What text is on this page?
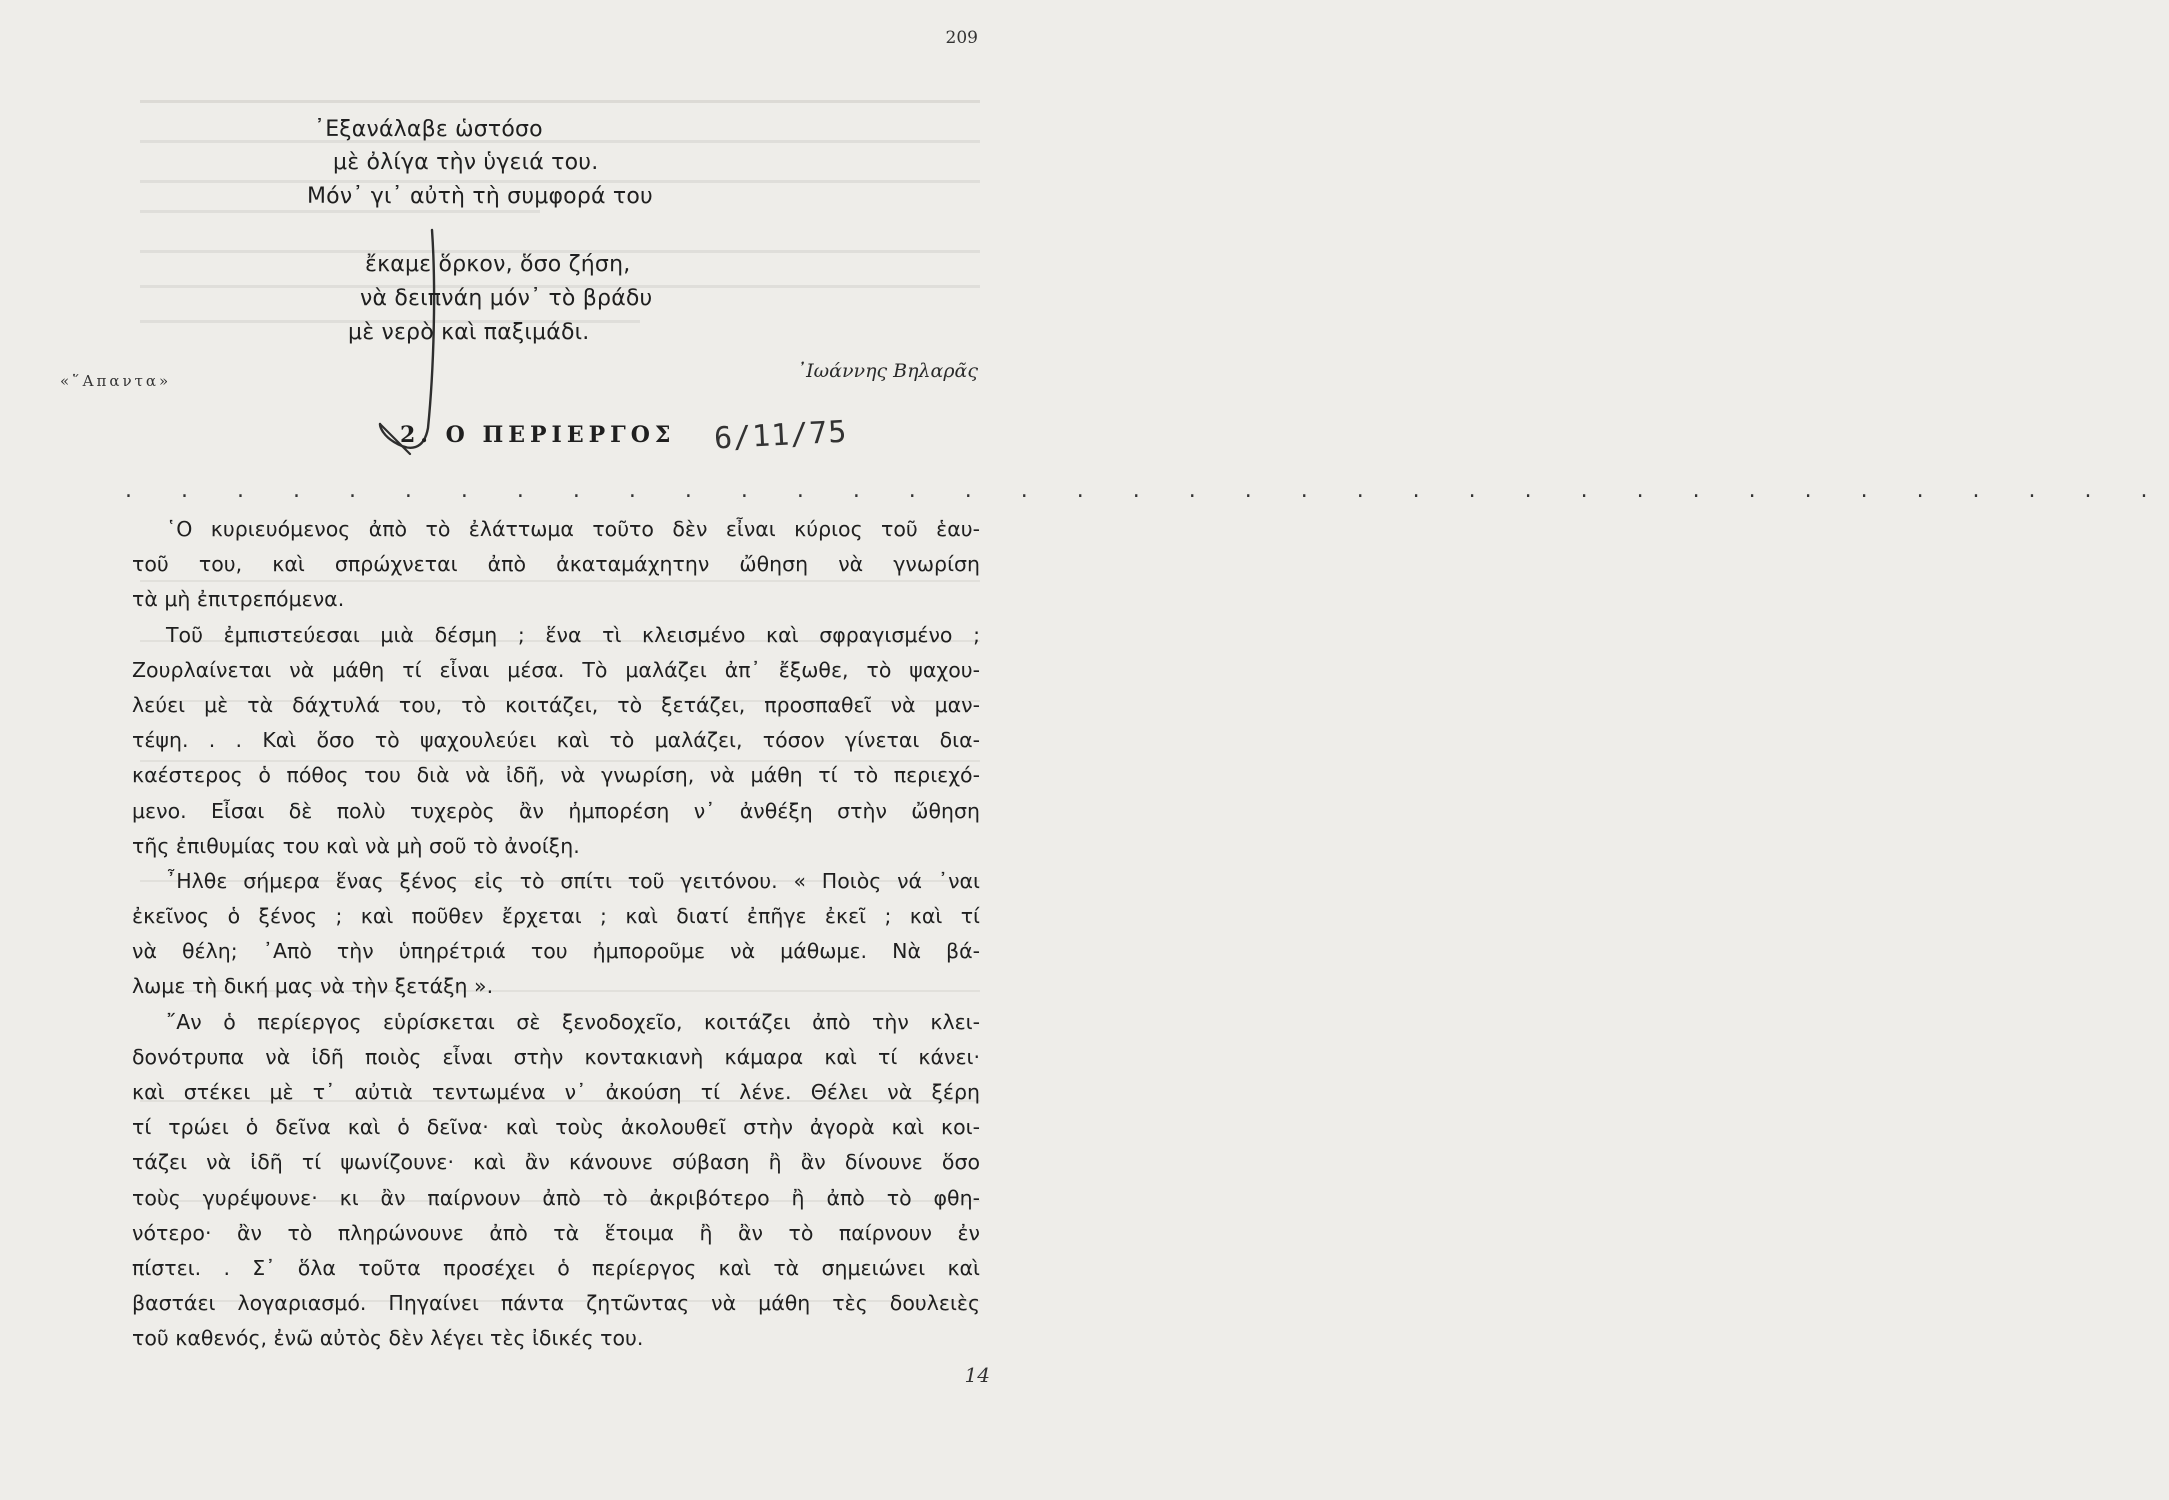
209
᾿Εξανάλαβε ὡστόσο
μὲ ὀλίγα τὴν ὑγειά του.
Μόν᾿ γι᾿ αὐτὴ τὴ συμφορά του
ἔκαμε ὅρκον, ὅσο ζήση,
νὰ δειπνάη μόν᾿ τὸ βράδυ
μὲ νερὸ καὶ παξιμάδι.
«῞Απαντα»	᾿Ιωάννης Βηλαρᾶς
2. Ο ΠΕΡΙΕΡΓΟΣ 6/11/75
. . . . . . . . . . . . . . . . . . . . . . . . . . . . . . . . . . . . .
῾Ο κυριευόμενος ἀπὸ τὸ ἐλάττωμα τοῦτο δὲν εἶναι κύριος τοῦ ἑαυ-
τοῦ του, καὶ σπρώχνεται ἀπὸ ἀκαταμάχητην ὤθηση νὰ γνωρίση
τὰ μὴ ἐπιτρεπόμενα.
Τοῦ ἐμπιστεύεσαι μιὰ δέσμη ; ἕνα τὶ κλεισμένο καὶ σφραγισμένο ;
Ζουρλαίνεται νὰ μάθη τί εἶναι μέσα. Τὸ μαλάζει ἀπ᾿ ἔξωθε, τὸ ψαχου-
λεύει μὲ τὰ δάχτυλά του, τὸ κοιτάζει, τὸ ξετάζει, προσπαθεῖ νὰ μαν-
τέψη. . . Καὶ ὅσο τὸ ψαχουλεύει καὶ τὸ μαλάζει, τόσον γίνεται δια-
καέστερος ὁ πόθος του διὰ νὰ ἰδῆ, νὰ γνωρίση, νὰ μάθη τί τὸ περιεχό-
μενο. Εἶσαι δὲ πολὺ τυχερὸς ἂν ἠμπορέση ν᾿ ἀνθέξη στὴν ὤθηση
τῆς ἐπιθυμίας του καὶ νὰ μὴ σοῦ τὸ ἀνοίξη.
῏Ηλθε σήμερα ἕνας ξένος εἰς τὸ σπίτι τοῦ γειτόνου. « Ποιὸς νά ᾿ναι
ἐκεῖνος ὁ ξένος ; καὶ ποῦθεν ἔρχεται ; καὶ διατί ἐπῆγε ἐκεῖ ; καὶ τί
νὰ θέλη; ᾿Απὸ τὴν ὑπηρέτριά του ἠμποροῦμε νὰ μάθωμε. Νὰ βά-
λωμε τὴ δική μας νὰ τὴν ξετάξη ».
῎Αν ὁ περίεργος εὑρίσκεται σὲ ξενοδοχεῖο, κοιτάζει ἀπὸ τὴν κλει-
δονότρυπα νὰ ἰδῆ ποιὸς εἶναι στὴν κοντακιανὴ κάμαρα καὶ τί κάνει·
καὶ στέκει μὲ τ᾿ αὐτιὰ τεντωμένα ν᾿ ἀκούση τί λένε. Θέλει νὰ ξέρη
τί τρώει ὁ δεῖνα καὶ ὁ δεῖνα· καὶ τοὺς ἀκολουθεῖ στὴν ἀγορὰ καὶ κοι-
τάζει νὰ ἰδῆ τί ψωνίζουνε· καὶ ἂν κάνουνε σύβαση ἢ ἂν δίνουνε ὅσο
τοὺς γυρέψουνε· κι ἂν παίρνουν ἀπὸ τὸ ἀκριβότερο ἢ ἀπὸ τὸ φθη-
νότερο· ἂν τὸ πληρώνουνε ἀπὸ τὰ ἕτοιμα ἢ ἂν τὸ παίρνουν ἐν
πίστει. . Σ᾿ ὅλα τοῦτα προσέχει ὁ περίεργος καὶ τὰ σημειώνει καὶ
βαστάει λογαριασμό. Πηγαίνει πάντα ζητῶντας νὰ μάθη τὲς δουλειὲς
τοῦ καθενός, ἐνῶ αὐτὸς δὲν λέγει τὲς ἰδικές του.
14
